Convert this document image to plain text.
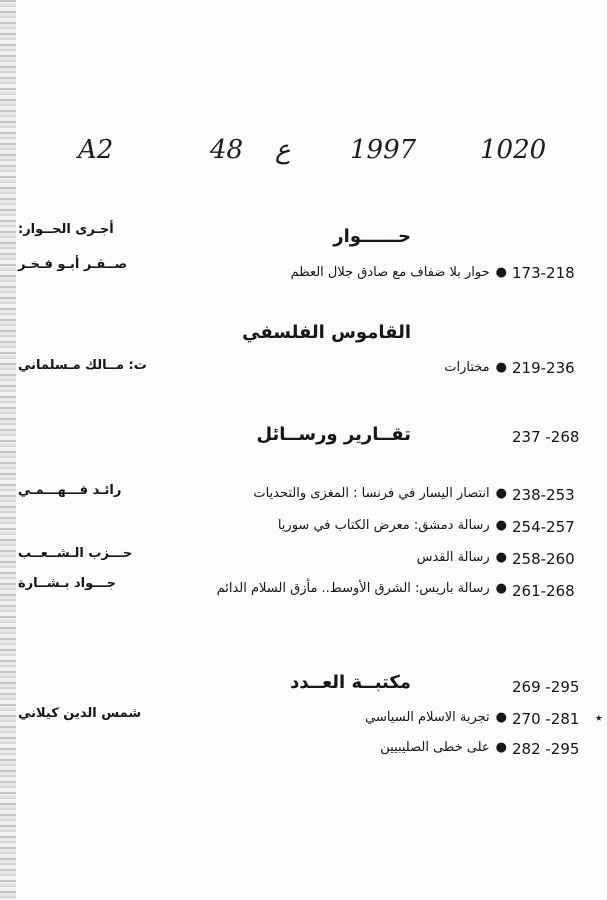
A2	48 ع 1997 1020
حــــــوار
173-218
●حوار بلا ضفاف مع صادق جلال العظم
القاموس الفلسفي
219-236
●مختارات
237 -268
تقــارير ورســائل
238-253
●انتصار اليسار في فرنسا : المغزى والتحديات
254-257
●رسالة دمشق: معرض الكتاب في سوريا
258-260
●رسالة القدس
261-268
●رسالة باريس: الشرق الأوسط.. مأزق السلام الدائم
269 -295
مكتبــة العــدد
270 -281
●تجربة الاسلام السياسي
282 -295
●على خطى الصليبيين
٭
أجـرى الحــوار:
صــقـر أبـو فـخـر
ت: مــالك مـسلماني
رائـد فـــهـــمـي
حـــزب الـشــعــب
جـــواد بـشــارة
شمس الدين كيلاني
